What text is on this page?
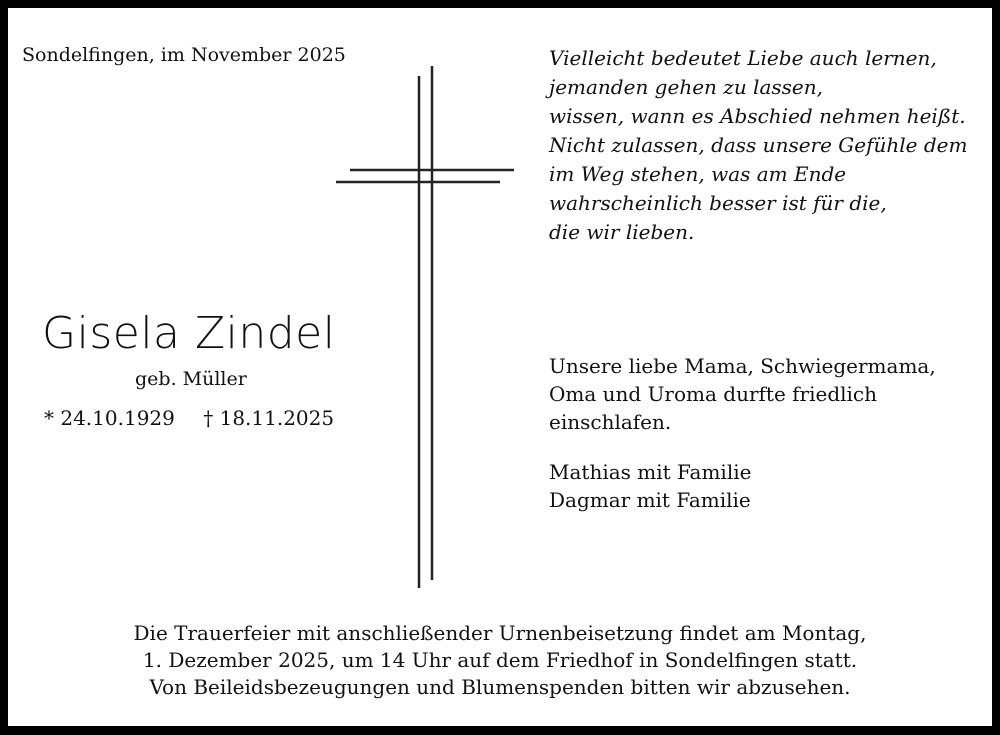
Sondelfingen, im November 2025	Vielleicht bedeutet Liebe auch lernen,
jemanden gehen zu lassen,
wissen, wann es Abschied nehmen heißt.
Nicht zulassen, dass unsere Gefühle dem
im Weg stehen, was am Ende
wahrscheinlich besser ist für die,
die wir lieben.
Gisela Zindel
geb. Müller
* 24.10.1929 † 18.11.2025
Unsere liebe Mama, Schwiegermama,
Oma und Uroma durfte friedlich
einschlafen.
Mathias mit Familie
Dagmar mit Familie
Die Trauerfeier mit anschließender Urnenbeisetzung findet am Montag,
1. Dezember 2025, um 14 Uhr auf dem Friedhof in Sondelfingen statt.
Von Beileidsbezeugungen und Blumenspenden bitten wir abzusehen.
